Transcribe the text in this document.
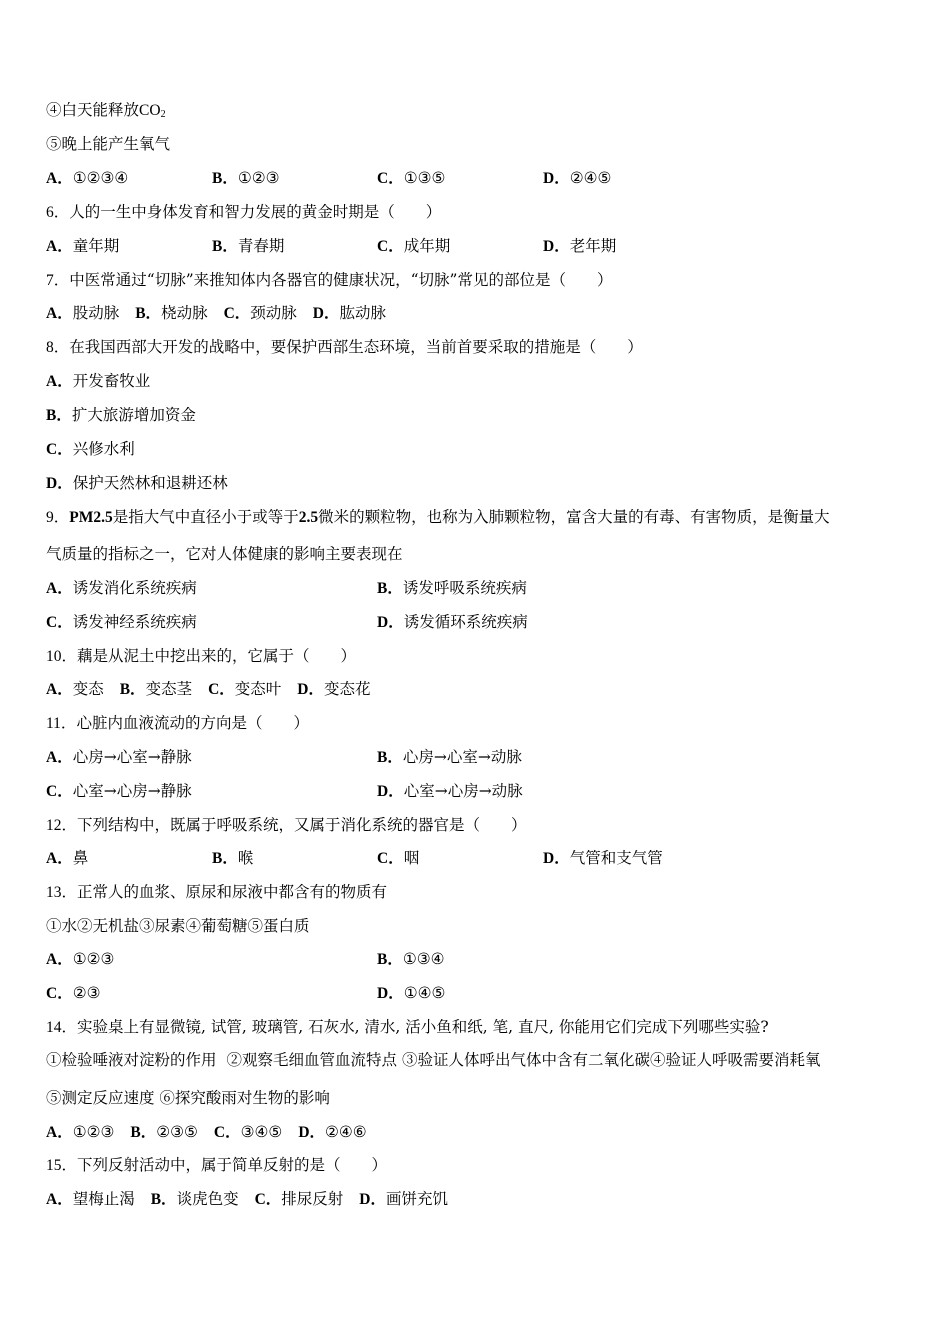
④白天能释放$CO_2$
⑤晚上能产生氧气
A．①②③④	B．①②③	C．①③⑤	D．②④⑤
6．人的一生中身体发育和智力发展的黄金时期是（　　）
A．童年期	B．青春期	C．成年期	D．老年期
7．中医常通过“切脉”来推知体内各器官的健康状况，“切脉”常见的部位是（　　）
A．股动脉 B．桡动脉 C．颈动脉 D．肱动脉
8．在我国西部大开发的战略中，要保护西部生态环境，当前首要采取的措施是（　　）
A．开发畜牧业
B．扩大旅游增加资金
C．兴修水利
D．保护天然林和退耕还林
9．PM2.5是指大气中直径小于或等于2.5微米的颗粒物，也称为入肺颗粒物，富含大量的有毒、有害物质，是衡量大
气质量的指标之一，它对人体健康的影响主要表现在
A．诱发消化系统疾病	B．诱发呼吸系统疾病
C．诱发神经系统疾病	D．诱发循环系统疾病
10．藕是从泥土中挖出来的，它属于（　　）
A．变态 B．变态茎 C．变态叶 D．变态花
11．心脏内血液流动的方向是（　　）
A．心房→心室→静脉	B．心房→心室→动脉
C．心室→心房→静脉	D．心室→心房→动脉
12．下列结构中，既属于呼吸系统，又属于消化系统的器官是（　　）
A．鼻	B．喉	C．咽	D．气管和支气管
13．正常人的血浆、原尿和尿液中都含有的物质有
①水②无机盐③尿素④葡萄糖⑤蛋白质
A．①②③	B．①③④
C．②③	D．①④⑤
14．实验桌上有显微镜, 试管, 玻璃管, 石灰水, 清水, 活小鱼和纸, 笔, 直尺, 你能用它们完成下列哪些实验?
①检验唾液对淀粉的作用 ②观察毛细血管血流特点 ③验证人体呼出气体中含有二氧化碳④验证人呼吸需要消耗氧
⑤测定反应速度 ⑥探究酸雨对生物的影响
A．①②③ B．②③⑤ C．③④⑤ D．②④⑥
15．下列反射活动中，属于简单反射的是（　　）
A．望梅止渴 B．谈虎色变 C．排尿反射 D．画饼充饥
